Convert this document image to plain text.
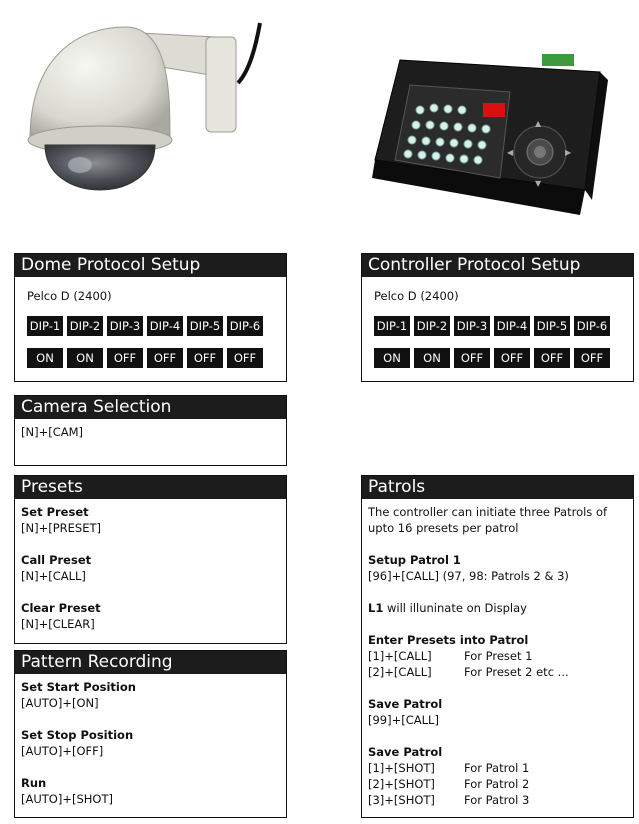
▲
▼
◀	▶
Dome Protocol Setup
Pelco D (2400)
DIP-1 DIP-2 DIP-3 DIP-4 DIP-5 DIP-6
ON	ON	OFF	OFF	OFF	OFF
Controller Protocol Setup
Pelco D (2400)
DIP-1 DIP-2 DIP-3 DIP-4 DIP-5 DIP-6
ON	ON	OFF	OFF	OFF	OFF
Camera Selection
[N]+[CAM]
Presets
Set Preset
[N]+[PRESET]
Call Preset
[N]+[CALL]
Clear Preset
[N]+[CLEAR]
Pattern Recording
Set Start Position
[AUTO]+[ON]
Set Stop Position
[AUTO]+[OFF]
Run
[AUTO]+[SHOT]
Patrols
The controller can initiate three Patrols of upto 16 presets per patrol
Setup Patrol 1
[96]+[CALL] (97, 98: Patrols 2 & 3)
L1 will illuninate on Display
Enter Presets into Patrol
[1]+[CALL]	For Preset 1
[2]+[CALL]	For Preset 2 etc ...
Save Patrol
[99]+[CALL]
Save Patrol
[1]+[SHOT]	For Patrol 1
[2]+[SHOT]	For Patrol 2
[3]+[SHOT]	For Patrol 3
